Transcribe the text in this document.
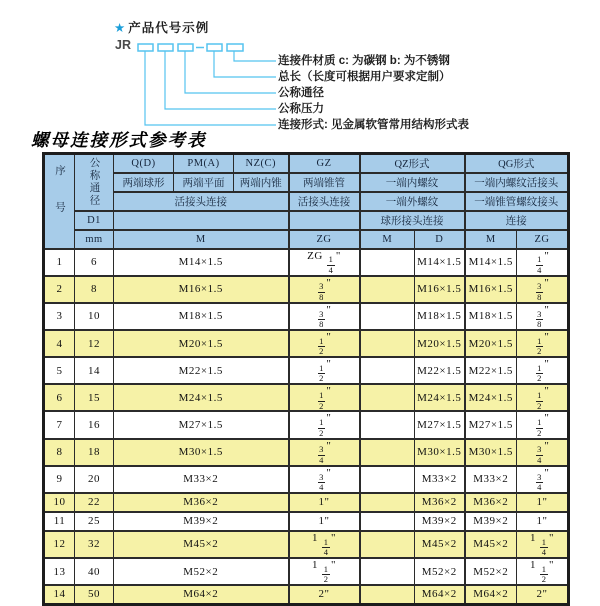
★ 产品代号示例
JR
连接件材质 c: 为碳钢 b: 为不锈钢
总长（长度可根据用户要求定制）
公称通径
公称压力
连接形式: 见金属软管常用结构形式表
螺母连接形式参考表
序号	公称通径	Q(D)	PM(A)	NZ(C)	GZ	QZ形式		QG形式	
		两端球形	两端平面	两端内锥	两端锥管	一端内螺纹		一端内螺纹活接头	
		活接头连接			活接头连接	一端外螺纹		一端锥管螺纹接头	
	D1					球形接头连接		连接	
	mm	M			ZG	M	D	M	ZG
1	6	M14×1.5			ZG $\frac{1}{4}$ "		M14×1.5	M14×1.5	$\frac{1}{4}$ "
2	8	M16×1.5			$\frac{3}{8}$ "		M16×1.5	M16×1.5	$\frac{3}{8}$ "
3	10	M18×1.5			$\frac{3}{8}$ "		M18×1.5	M18×1.5	$\frac{3}{8}$ "
4	12	M20×1.5			$\frac{1}{2}$ "		M20×1.5	M20×1.5	$\frac{1}{2}$ "
5	14	M22×1.5			$\frac{1}{2}$ "		M22×1.5	M22×1.5	$\frac{1}{2}$ "
6	15	M24×1.5			$\frac{1}{2}$ "		M24×1.5	M24×1.5	$\frac{1}{2}$ "
7	16	M27×1.5			$\frac{1}{2}$ "		M27×1.5	M27×1.5	$\frac{1}{2}$ "
8	18	M30×1.5			$\frac{3}{4}$ "		M30×1.5	M30×1.5	$\frac{3}{4}$ "
9	20	M33×2			$\frac{3}{4}$ "		M33×2	M33×2	$\frac{3}{4}$ "
10	22	M36×2			1"		M36×2	M36×2	1"
11	25	M39×2			1"		M39×2	M39×2	1"
12	32	M45×2			$1 \frac{1}{4}$ "		M45×2	M45×2	$1 \frac{1}{4}$ "
13	40	M52×2			$1 \frac{1}{2}$ "		M52×2	M52×2	$1 \frac{1}{2}$ "
14	50	M64×2			2"		M64×2	M64×2	2"
